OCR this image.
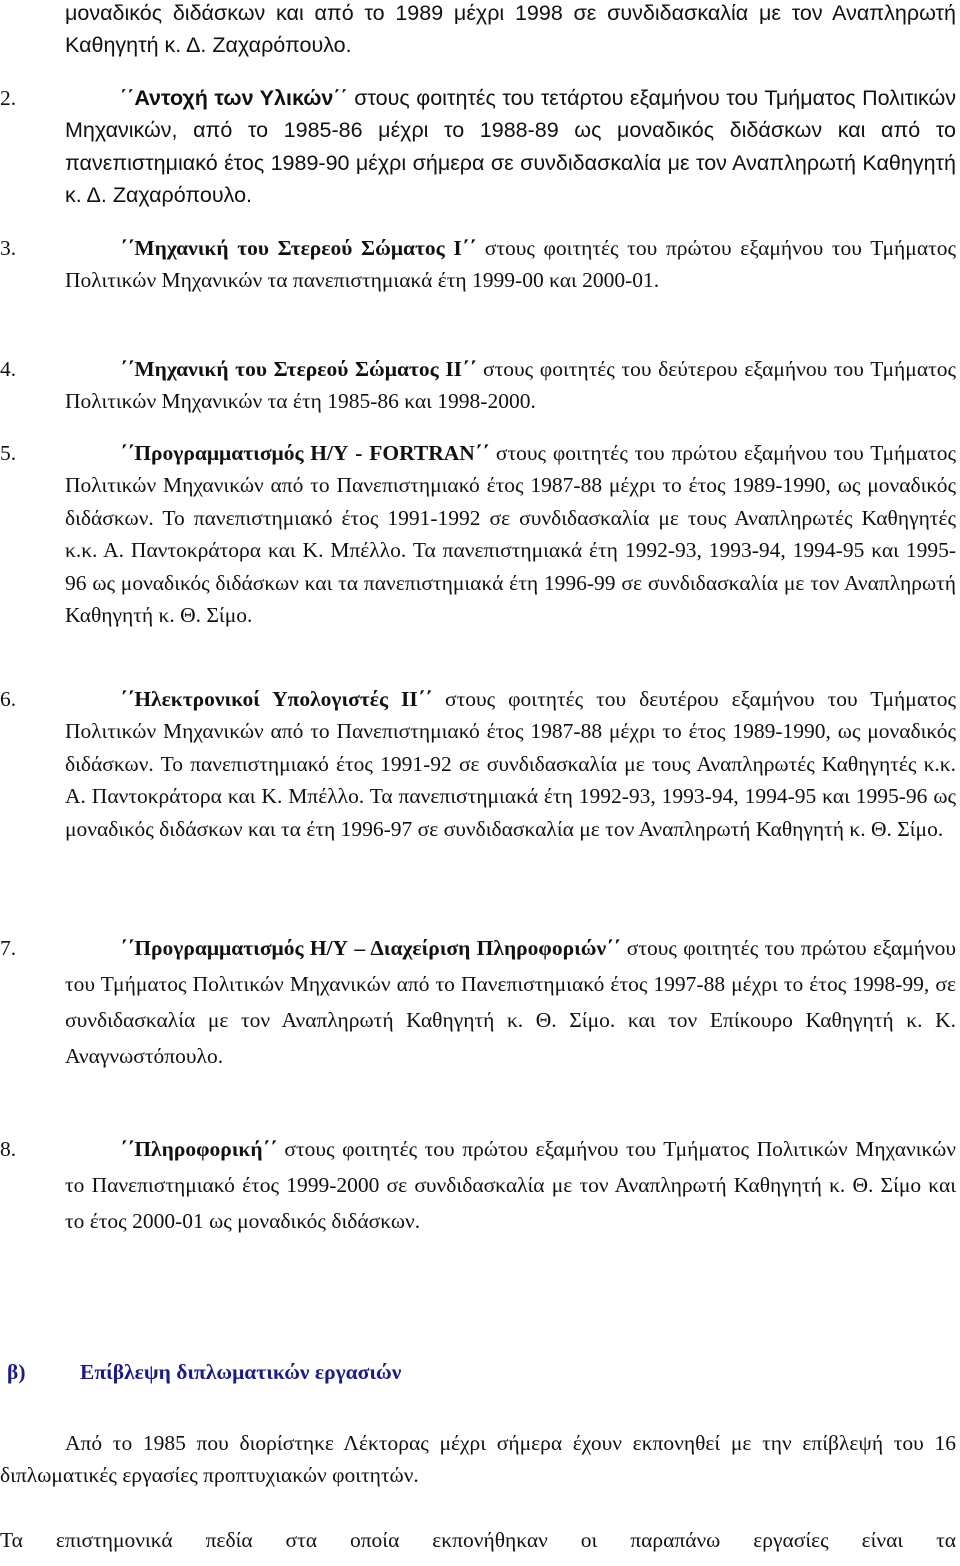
μοναδικός διδάσκων και από το 1989 μέχρι 1998 σε συνδιδασκαλία με τον Αναπληρωτή Καθηγητή κ. Δ. Ζαχαρόπουλο.
2.	΄΄Αντοχή των Υλικών΄΄ στους φοιτητές του τετάρτου εξαμήνου του Τμήματος Πολιτικών Μηχανικών, από το 1985-86 μέχρι το 1988-89 ως μοναδικός διδάσκων και από το πανεπιστημιακό έτος 1989-90 μέχρι σήμερα σε συνδιδασκαλία με τον Αναπληρωτή Καθηγητή κ. Δ. Ζαχαρόπουλο.
3.	΄΄Μηχανική του Στερεού Σώματος Ι΄΄ στους φοιτητές του πρώτου εξαμήνου του Τμήματος Πολιτικών Μηχανικών τα πανεπιστημιακά έτη 1999-00 και 2000-01.
4.	΄΄Μηχανική του Στερεού Σώματος ΙΙ΄΄ στους φοιτητές του δεύτερου εξαμήνου του Τμήματος Πολιτικών Μηχανικών τα έτη 1985-86 και 1998-2000.
5.	΄΄Προγραμματισμός Η/Υ - FORTRAN΄΄ στους φοιτητές του πρώτου εξαμήνου του Τμήματος Πολιτικών Μηχανικών από το Πανεπιστημιακό έτος 1987-88 μέχρι το έτος 1989-1990, ως μοναδικός διδάσκων. Το πανεπιστημιακό έτος 1991-1992 σε συνδιδασκαλία με τους Αναπληρωτές Καθηγητές κ.κ. Α. Παντοκράτορα και Κ. Μπέλλο. Τα πανεπιστημιακά έτη 1992-93, 1993-94, 1994-95 και 1995-96 ως μοναδικός διδάσκων και τα πανεπιστημιακά έτη 1996-99 σε συνδιδασκαλία με τον Αναπληρωτή Καθηγητή κ. Θ. Σίμο.
6.	΄΄Ηλεκτρονικοί Υπολογιστές ΙΙ΄΄ στους φοιτητές του δευτέρου εξαμήνου του Τμήματος Πολιτικών Μηχανικών από το Πανεπιστημιακό έτος 1987-88 μέχρι το έτος 1989-1990, ως μοναδικός διδάσκων. Το πανεπιστημιακό έτος 1991-92 σε συνδιδασκαλία με τους Αναπληρωτές Καθηγητές κ.κ. Α. Παντοκράτορα και Κ. Μπέλλο. Τα πανεπιστημιακά έτη 1992-93, 1993-94, 1994-95 και 1995-96 ως μοναδικός διδάσκων και τα έτη 1996-97 σε συνδιδασκαλία με τον Αναπληρωτή Καθηγητή κ. Θ. Σίμο.
7.	΄΄Προγραμματισμός Η/Υ – Διαχείριση Πληροφοριών΄΄ στους φοιτητές του πρώτου εξαμήνου του Τμήματος Πολιτικών Μηχανικών από το Πανεπιστημιακό έτος 1997-88 μέχρι το έτος 1998-99, σε συνδιδασκαλία με τον Αναπληρωτή Καθηγητή κ. Θ. Σίμο. και τον Επίκουρο Καθηγητή κ. Κ. Αναγνωστόπουλο.
8.	΄΄Πληροφορική΄΄ στους φοιτητές του πρώτου εξαμήνου του Τμήματος Πολιτικών Μηχανικών το Πανεπιστημιακό έτος 1999-2000 σε συνδιδασκαλία με τον Αναπληρωτή Καθηγητή κ. Θ. Σίμο και το έτος 2000-01 ως μοναδικός διδάσκων.
β)	Επίβλεψη διπλωματικών εργασιών
Από το 1985 που διορίστηκε Λέκτορας μέχρι σήμερα έχουν εκπονηθεί με την επίβλεψή του 16 διπλωματικές εργασίες προπτυχιακών φοιτητών.
Τα επιστημονικά πεδία στα οποία εκπονήθηκαν οι παραπάνω εργασίες είναι τα
